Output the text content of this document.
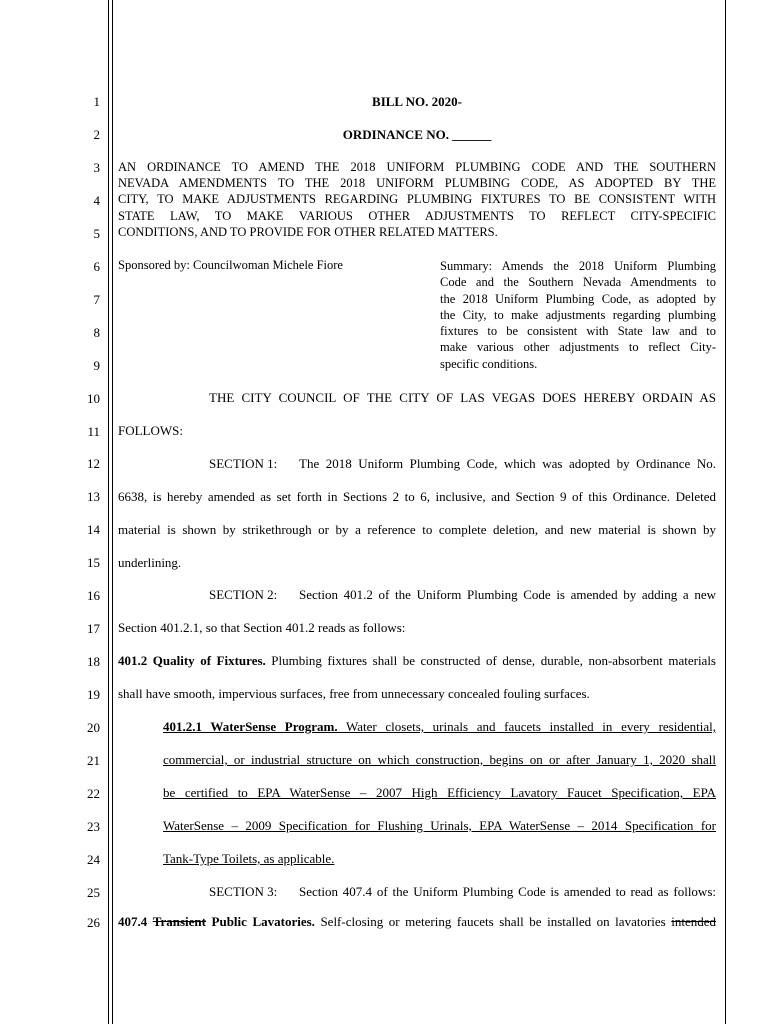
1
2
3
4
5
6
7
8
9
10
11
12
13
14
15
16
17
18
19
20
21
22
23
24
25
26
BILL NO. 2020-
ORDINANCE NO. ______
AN ORDINANCE TO AMEND THE 2018 UNIFORM PLUMBING CODE AND THE SOUTHERN
NEVADA AMENDMENTS TO THE 2018 UNIFORM PLUMBING CODE, AS ADOPTED BY THE
CITY, TO MAKE ADJUSTMENTS REGARDING PLUMBING FIXTURES TO BE CONSISTENT WITH
STATE LAW, TO MAKE VARIOUS OTHER ADJUSTMENTS TO REFLECT CITY-SPECIFIC
CONDITIONS, AND TO PROVIDE FOR OTHER RELATED MATTERS.
Sponsored by: Councilwoman Michele Fiore	Summary: Amends the 2018 Uniform Plumbing
Code and the Southern Nevada Amendments to
the 2018 Uniform Plumbing Code, as adopted by
the City, to make adjustments regarding plumbing
fixtures to be consistent with State law and to
make various other adjustments to reflect City-
specific conditions.
THE CITY COUNCIL OF THE CITY OF LAS VEGAS DOES HEREBY ORDAIN AS
FOLLOWS:
SECTION 1: The 2018 Uniform Plumbing Code, which was adopted by Ordinance No.
6638, is hereby amended as set forth in Sections 2 to 6, inclusive, and Section 9 of this Ordinance. Deleted
material is shown by strikethrough or by a reference to complete deletion, and new material is shown by
underlining.
SECTION 2: Section 401.2 of the Uniform Plumbing Code is amended by adding a new
Section 401.2.1, so that Section 401.2 reads as follows:
401.2 Quality of Fixtures. Plumbing fixtures shall be constructed of dense, durable, non-absorbent materials
shall have smooth, impervious surfaces, free from unnecessary concealed fouling surfaces.
401.2.1 WaterSense Program. Water closets, urinals and faucets installed in every residential,
commercial, or industrial structure on which construction, begins on or after January 1, 2020 shall
be certified to EPA WaterSense – 2007 High Efficiency Lavatory Faucet Specification, EPA
WaterSense – 2009 Specification for Flushing Urinals, EPA WaterSense – 2014 Specification for
Tank-Type Toilets, as applicable.
SECTION 3: Section 407.4 of the Uniform Plumbing Code is amended to read as follows:
407.4 Transient Public Lavatories. Self-closing or metering faucets shall be installed on lavatories intended
